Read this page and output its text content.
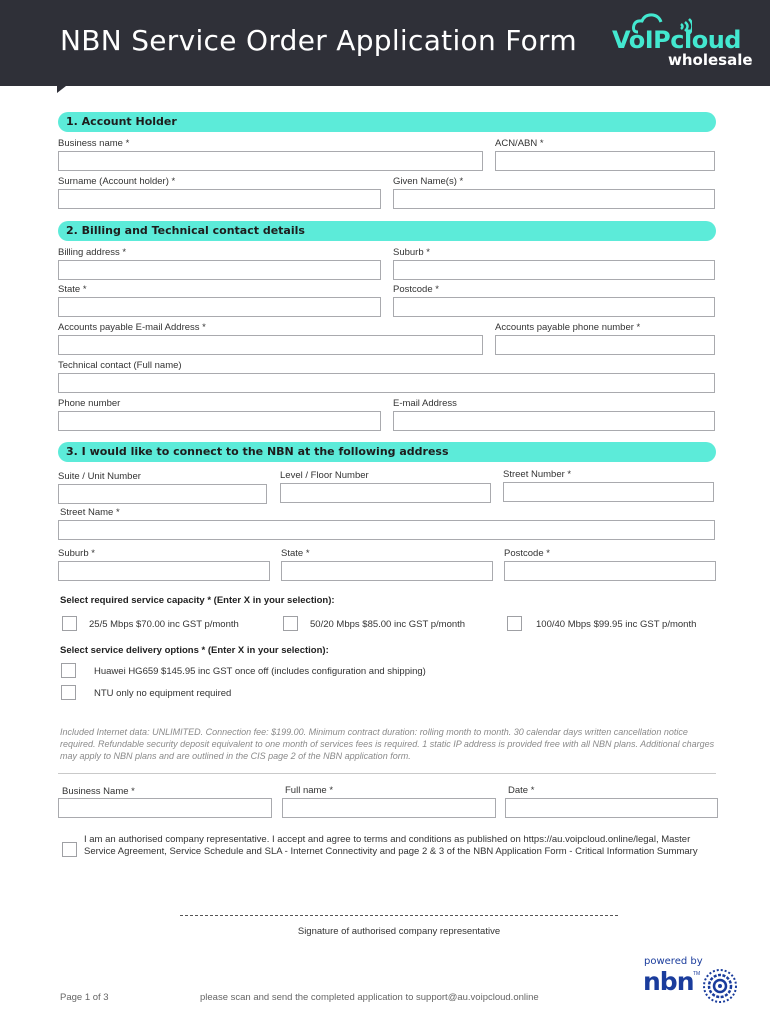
NBN Service Order Application Form VoIPcloud
wholesale
1. Account Holder
Business name *	ACN/ABN *
Surname (Account holder) *	Given Name(s) *
2. Billing and Technical contact details
Billing address *	Suburb *
State *	Postcode *
Accounts payable E-mail Address *	Accounts payable phone number *
Technical contact (Full name)
Phone number	E-mail Address
3. I would like to connect to the NBN at the following address
Suite / Unit Number	Level / Floor Number	Street Number *
Street Name *
Suburb *	State *	Postcode *
Select required service capacity * (Enter X in your selection):
25/5 Mbps $70.00 inc GST p/month	50/20 Mbps $85.00 inc GST p/month	100/40 Mbps $99.95 inc GST p/month
Select service delivery options * (Enter X in your selection):
Huawei HG659 $145.95 inc GST once off (includes configuration and shipping)
NTU only no equipment required
Included Internet data: UNLIMITED. Connection fee: $199.00. Minimum contract duration: rolling month to month. 30 calendar days written cancellation notice required. Refundable security deposit equivalent to one month of services fees is required. 1 static IP address is provided free with all NBN plans. Additional charges may apply to NBN plans and are outlined in the CIS page 2 of the NBN application form.
Business Name *	Full name *	Date *
I am an authorised company representative. I accept and agree to terms and conditions as published on https://au.voipcloud.online/legal, Master Service Agreement, Service Schedule and SLA - Internet Connectivity and page 2 & 3 of the NBN Application Form - Critical Information Summary
Signature of authorised company representative
Page 1 of 3	please scan and send the completed application to support@au.voipcloud.online
powered by
nbn TM
